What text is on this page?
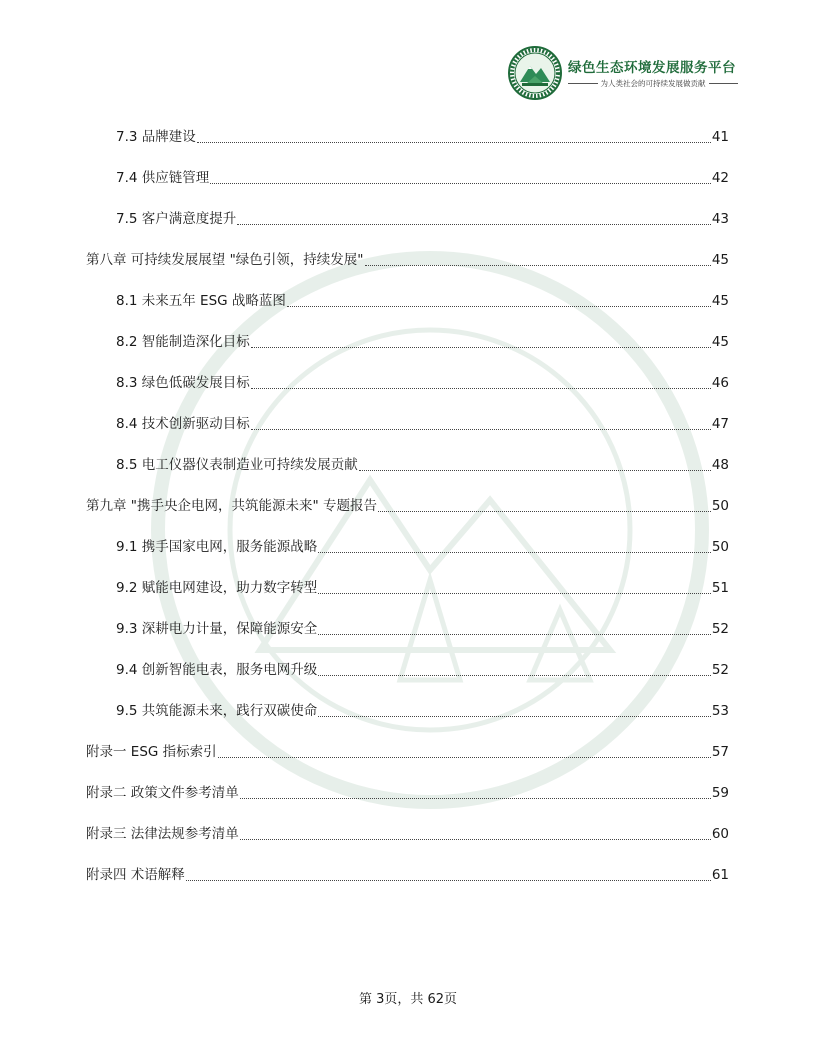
绿色生态环境发展服务平台
为人类社会的可持续发展做贡献
7.3 品牌建设	41
7.4 供应链管理	42
7.5 客户满意度提升	43
第八章 可持续发展展望 "绿色引领，持续发展"	45
8.1 未来五年 ESG 战略蓝图	45
8.2 智能制造深化目标	45
8.3 绿色低碳发展目标	46
8.4 技术创新驱动目标	47
8.5 电工仪器仪表制造业可持续发展贡献	48
第九章 "携手央企电网，共筑能源未来" 专题报告	50
9.1 携手国家电网，服务能源战略	50
9.2 赋能电网建设，助力数字转型	51
9.3 深耕电力计量，保障能源安全	52
9.4 创新智能电表，服务电网升级	52
9.5 共筑能源未来，践行双碳使命	53
附录一 ESG 指标索引	57
附录二 政策文件参考清单	59
附录三 法律法规参考清单	60
附录四 术语解释	61
第 3页，共 62页
